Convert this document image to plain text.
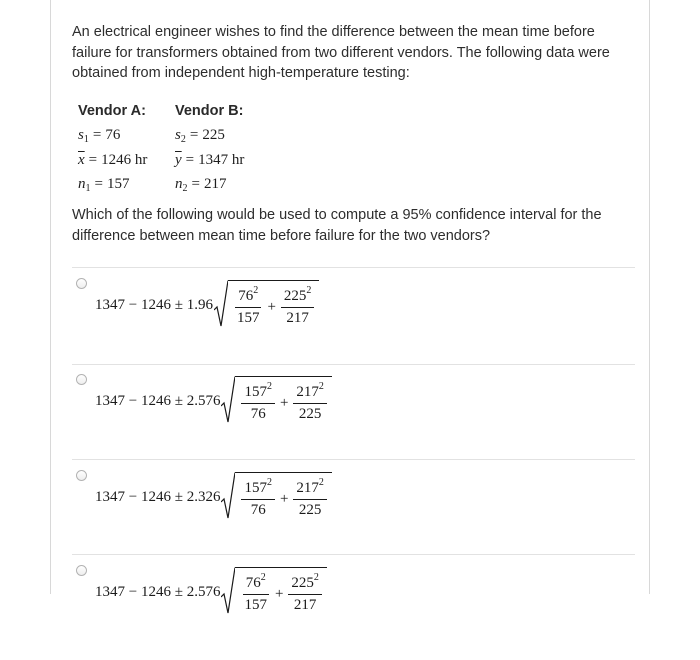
An electrical engineer wishes to find the difference between the mean time before failure for transformers obtained from two different vendors. The following data were obtained from independent high-temperature testing:

Vendor A:	Vendor B:
$s_1 = 76$	$s_2 = 225$
$\overline{x} = 1246$ hr	$\overline{y} = 1347$ hr
$n_1 = 157$	$n_2 = 217$

Which of the following would be used to compute a 95% confidence interval for the difference between mean time before failure for the two vendors?

$1347 - 1246 \pm 1.96 \frac{76^2}{157} + \frac{225^2}{217}$
$1347 - 1246 \pm 2.576 \frac{157^2}{76} + \frac{217^2}{225}$
$1347 - 1246 \pm 2.326 \frac{157^2}{76} + \frac{217^2}{225}$
$1347 - 1246 \pm 2.576 \frac{76^2}{157} + \frac{225^2}{217}$
